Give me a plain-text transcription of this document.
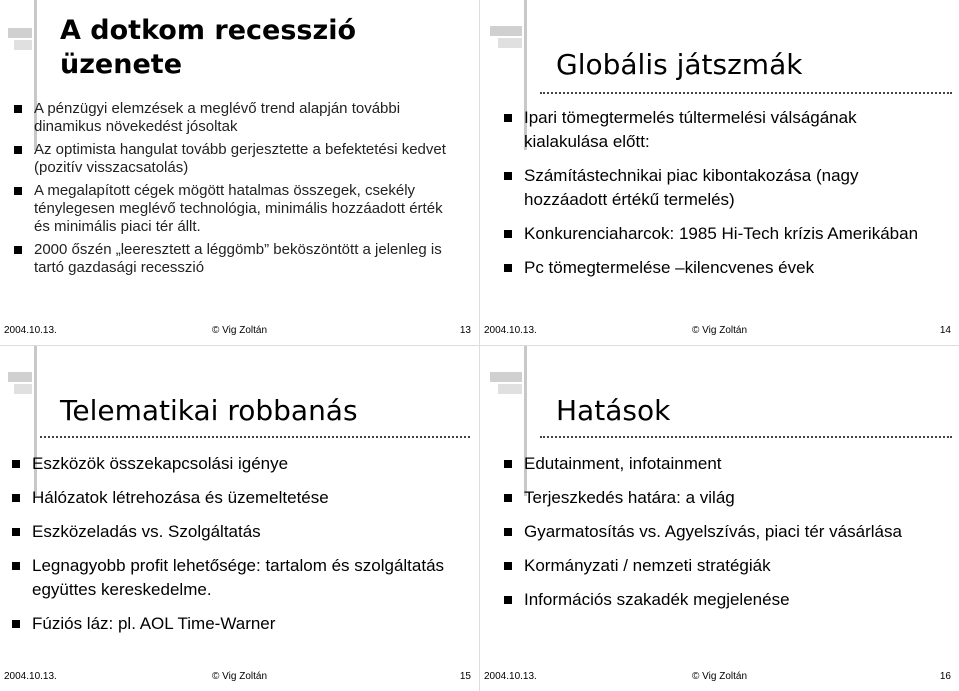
A dotkom recesszió
üzenete
A pénzügyi elemzések a meglévő trend alapján további dinamikus növekedést jósoltak
Az optimista hangulat tovább gerjesztette a befektetési kedvet (pozitív visszacsatolás)
A megalapított cégek mögött hatalmas összegek, csekély ténylegesen meglévő technológia, minimális hozzáadott érték és minimális piaci tér állt.
2000 őszén „leeresztett a léggömb” beköszöntött a jelenleg is tartó gazdasági recesszió
2004.10.13.	© Vig Zoltán	13
Globális játszmák
Ipari tömegtermelés túltermelési válságának kialakulása előtt:
Számítástechnikai piac kibontakozása (nagy hozzáadott értékű termelés)
Konkurenciaharcok: 1985 Hi-Tech krízis Amerikában
Pc tömegtermelése –kilencvenes évek
2004.10.13.	© Vig Zoltán	14
Telematikai robbanás
Eszközök összekapcsolási igénye
Hálózatok létrehozása és üzemeltetése
Eszközeladás vs. Szolgáltatás
Legnagyobb profit lehetősége: tartalom és szolgáltatás együttes kereskedelme.
Fúziós láz: pl. AOL Time-Warner
2004.10.13.	© Vig Zoltán	15
Hatások
Edutainment, infotainment
Terjeszkedés határa: a világ
Gyarmatosítás vs. Agyelszívás, piaci tér vásárlása
Kormányzati / nemzeti stratégiák
Információs szakadék megjelenése
2004.10.13.	© Vig Zoltán	16
